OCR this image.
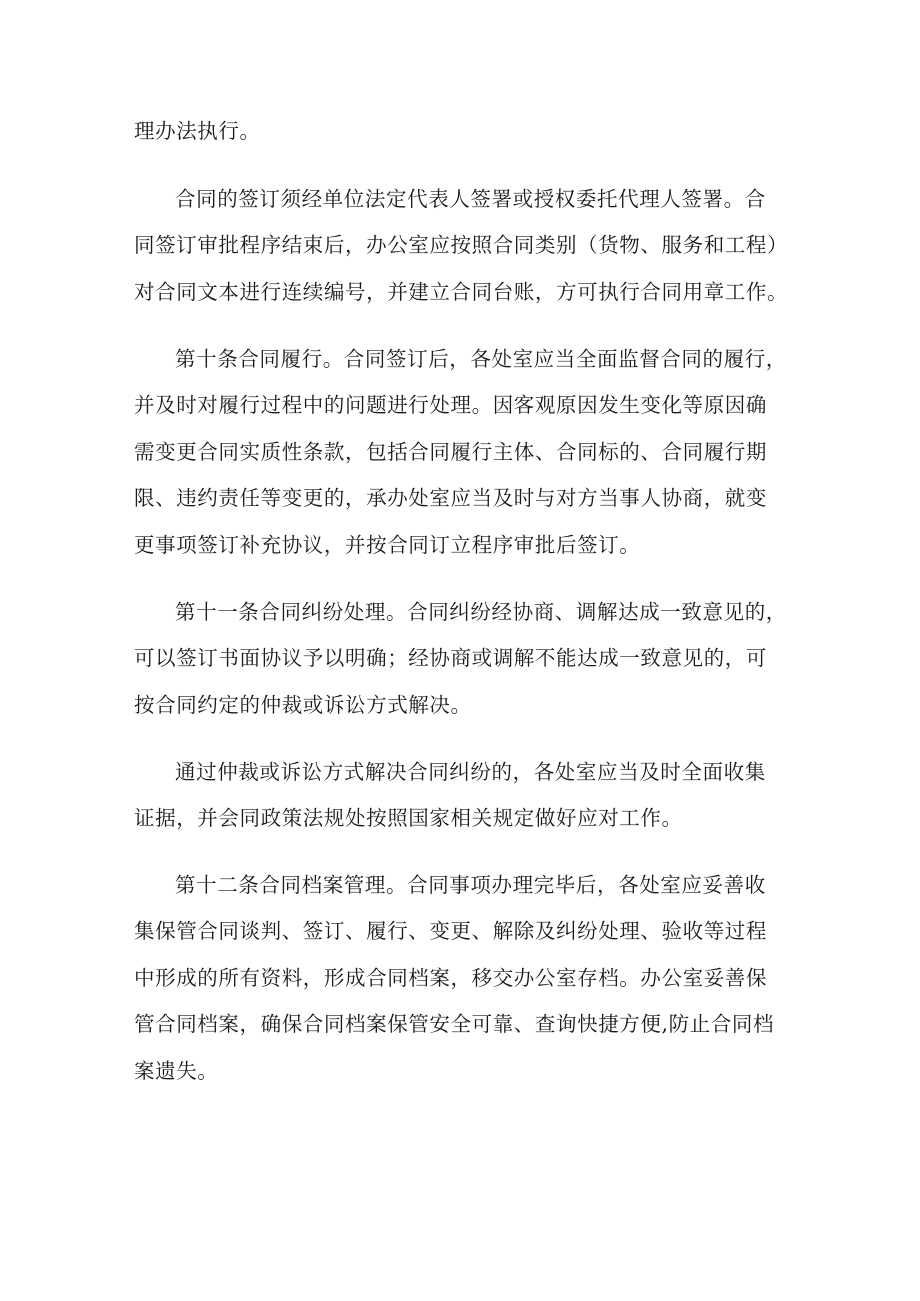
理办法执行。
合同的签订须经单位法定代表人签署或授权委托代理人签署。合
同签订审批程序结束后，办公室应按照合同类别（货物、服务和工程）
对合同文本进行连续编号，并建立合同台账，方可执行合同用章工作。
第十条合同履行。合同签订后，各处室应当全面监督合同的履行，
并及时对履行过程中的问题进行处理。因客观原因发生变化等原因确
需变更合同实质性条款，包括合同履行主体、合同标的、合同履行期
限、违约责任等变更的，承办处室应当及时与对方当事人协商，就变
更事项签订补充协议，并按合同订立程序审批后签订。
第十一条合同纠纷处理。合同纠纷经协商、调解达成一致意见的，
可以签订书面协议予以明确；经协商或调解不能达成一致意见的，可
按合同约定的仲裁或诉讼方式解决。
通过仲裁或诉讼方式解决合同纠纷的，各处室应当及时全面收集
证据，并会同政策法规处按照国家相关规定做好应对工作。
第十二条合同档案管理。合同事项办理完毕后，各处室应妥善收
集保管合同谈判、签订、履行、变更、解除及纠纷处理、验收等过程
中形成的所有资料，形成合同档案，移交办公室存档。办公室妥善保
管合同档案，确保合同档案保管安全可靠、查询快捷方便,防止合同档
案遗失。
